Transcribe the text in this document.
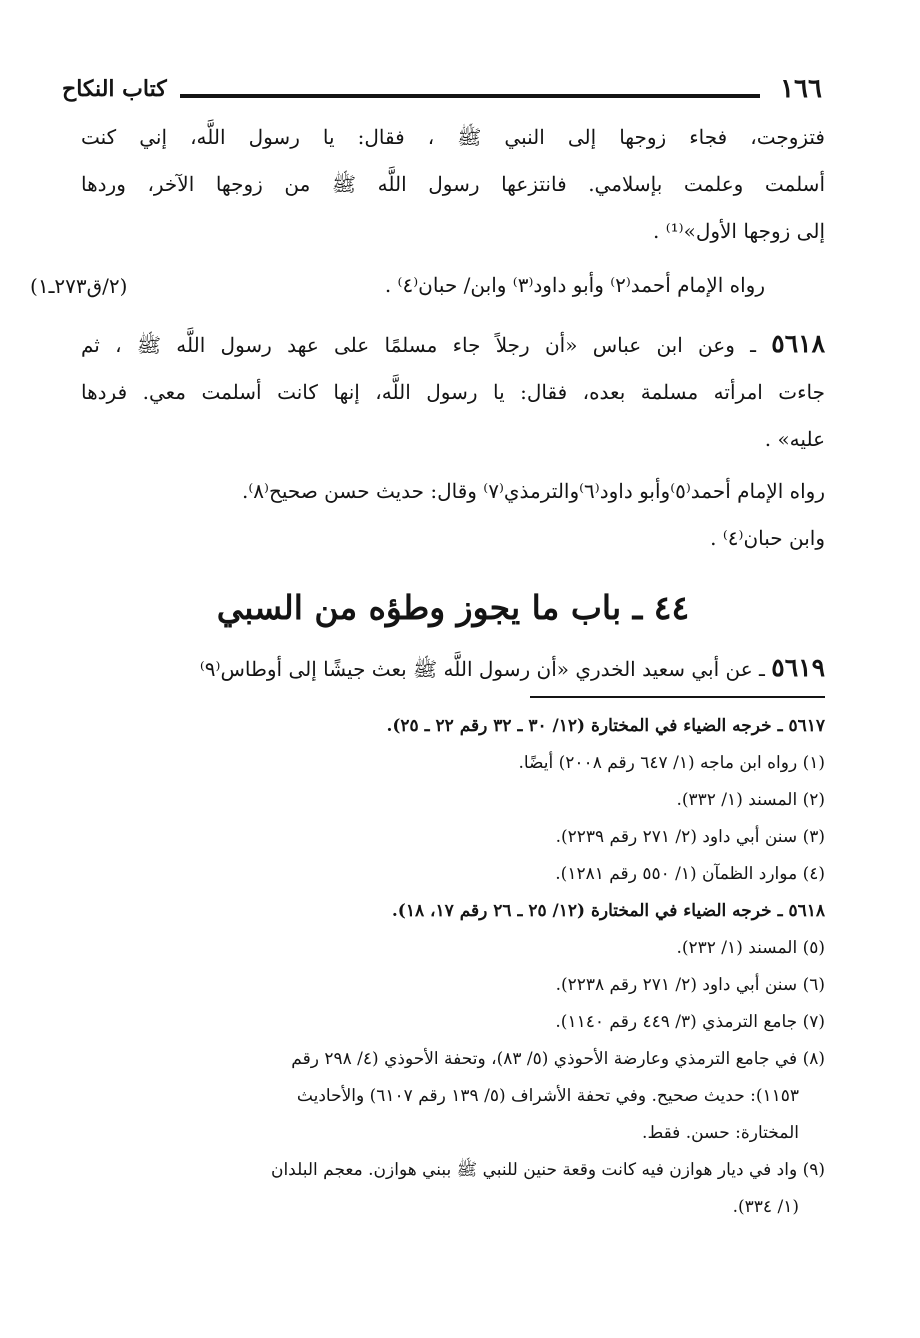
كتاب النكاح	١٦٦
فتزوجت، فجاء زوجها إلى النبي ﷺ ، فقال: يا رسول اللَّه، إني كنت
أسلمت وعلمت بإسلامي. فانتزعها رسول اللَّه ﷺ من زوجها الآخر، وردها
إلى زوجها الأول»⁽¹⁾ .
رواه الإمام أحمد⁽٢⁾ وأبو داود⁽٣⁾ وابن/ حبان⁽٤⁾ .
(٢/ق٢٧٣ـ١)
٥٦١٨ ـ وعن ابن عباس «أن رجلاً جاء مسلمًا على عهد رسول اللَّه ﷺ ، ثم
جاءت امرأته مسلمة بعده، فقال: يا رسول اللَّه، إنها كانت أسلمت معي. فردها
عليه» .
رواه الإمام أحمد⁽٥⁾وأبو داود⁽٦⁾والترمذي⁽٧⁾ وقال: حديث حسن صحيح⁽٨⁾.
وابن حبان⁽٤⁾ .
٤٤ ـ باب ما يجوز وطؤه من السبي
٥٦١٩ ـ عن أبي سعيد الخدري «أن رسول اللَّه ﷺ بعث جيشًا إلى أوطاس⁽٩⁾
٥٦١٧ ـ خرجه الضياء في المختارة (١٢/ ٣٠ ـ ٣٢ رقم ٢٢ ـ ٢٥).
(١) رواه ابن ماجه (١/ ٦٤٧ رقم ٢٠٠٨) أيضًا.
(٢) المسند (١/ ٣٣٢).
(٣) سنن أبي داود (٢/ ٢٧١ رقم ٢٢٣٩).
(٤) موارد الظمآن (١/ ٥٥٠ رقم ١٢٨١).
٥٦١٨ ـ خرجه الضياء في المختارة (١٢/ ٢٥ ـ ٢٦ رقم ١٧، ١٨).
(٥) المسند (١/ ٢٣٢).
(٦) سنن أبي داود (٢/ ٢٧١ رقم ٢٢٣٨).
(٧) جامع الترمذي (٣/ ٤٤٩ رقم ١١٤٠).
(٨) في جامع الترمذي وعارضة الأحوذي (٥/ ٨٣)، وتحفة الأحوذي (٤/ ٢٩٨ رقم
١١٥٣): حديث صحيح. وفي تحفة الأشراف (٥/ ١٣٩ رقم ٦١٠٧) والأحاديث
المختارة: حسن. فقط.
(٩) واد في ديار هوازن فيه كانت وقعة حنين للنبي ﷺ ببني هوازن. معجم البلدان
(١/ ٣٣٤).
